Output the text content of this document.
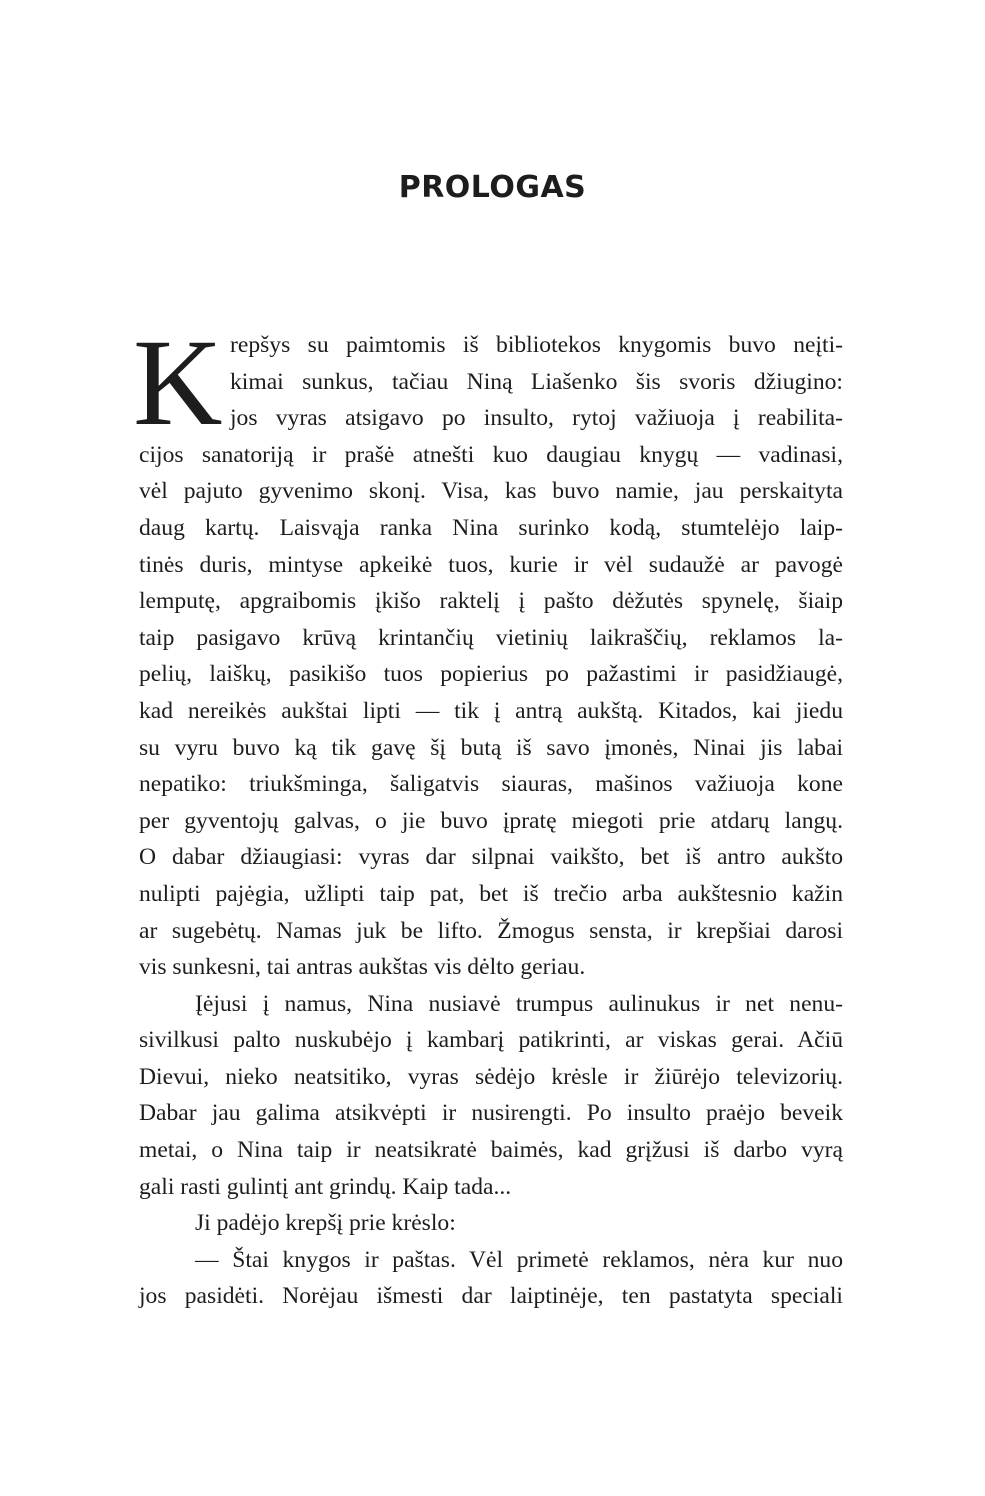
PROLOGAS
K repšys su paimtomis iš bibliotekos knygomis buvo neįti-
kimai sunkus, tačiau Niną Liašenko šis svoris džiugino:
jos vyras atsigavo po insulto, rytoj važiuoja į reabilita-
cijos sanatoriją ir prašė atnešti kuo daugiau knygų — vadinasi,
vėl pajuto gyvenimo skonį. Visa, kas buvo namie, jau perskaityta
daug kartų. Laisvąja ranka Nina surinko kodą, stumtelėjo laip-
tinės duris, mintyse apkeikė tuos, kurie ir vėl sudaužė ar pavogė
lemputę, apgraibomis įkišo raktelį į pašto dėžutės spynelę, šiaip
taip pasigavo krūvą krintančių vietinių laikraščių, reklamos la-
pelių, laiškų, pasikišo tuos popierius po pažastimi ir pasidžiaugė,
kad nereikės aukštai lipti — tik į antrą aukštą. Kitados, kai jiedu
su vyru buvo ką tik gavę šį butą iš savo įmonės, Ninai jis labai
nepatiko: triukšminga, šaligatvis siauras, mašinos važiuoja kone
per gyventojų galvas, o jie buvo įpratę miegoti prie atdarų langų.
O dabar džiaugiasi: vyras dar silpnai vaikšto, bet iš antro aukšto
nulipti pajėgia, užlipti taip pat, bet iš trečio arba aukštesnio kažin
ar sugebėtų. Namas juk be lifto. Žmogus sensta, ir krepšiai darosi
vis sunkesni, tai antras aukštas vis dėlto geriau.
Įėjusi į namus, Nina nusiavė trumpus aulinukus ir net nenu-
sivilkusi palto nuskubėjo į kambarį patikrinti, ar viskas gerai. Ačiū
Dievui, nieko neatsitiko, vyras sėdėjo krėsle ir žiūrėjo televizorių.
Dabar jau galima atsikvėpti ir nusirengti. Po insulto praėjo beveik
metai, o Nina taip ir neatsikratė baimės, kad grįžusi iš darbo vyrą
gali rasti gulintį ant grindų. Kaip tada...
Ji padėjo krepšį prie krėslo:
— Štai knygos ir paštas. Vėl primetė reklamos, nėra kur nuo
jos pasidėti. Norėjau išmesti dar laiptinėje, ten pastatyta speciali
